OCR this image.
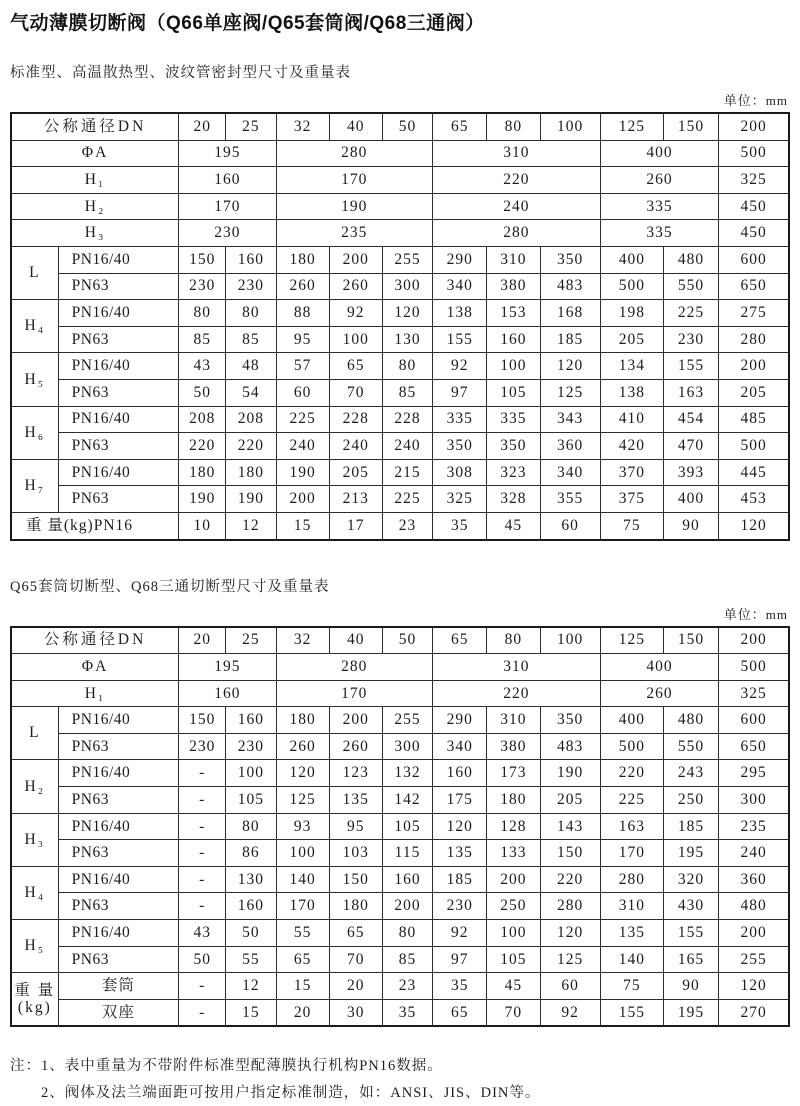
气动薄膜切断阀（Q66单座阀/Q65套筒阀/Q68三通阀）
标准型、高温散热型、波纹管密封型尺寸及重量表
单位：mm
公称通径DN		20	25	32	40	50	65	80	100	125	150	200
ΦA		195		280			310			400		500
H₁		160		170			220			260		325
H₂		170		190			240			335		450
H₃		230		235			280			335		450
L	PN16/40	150	160	180	200	255	290	310	350	400	480	600
	PN63	230	230	260	260	300	340	380	483	500	550	650
H₄	PN16/40	80	80	88	92	120	138	153	168	198	225	275
	PN63	85	85	95	100	130	155	160	185	205	230	280
H₅	PN16/40	43	48	57	65	80	92	100	120	134	155	200
	PN63	50	54	60	70	85	97	105	125	138	163	205
H₆	PN16/40	208	208	225	228	228	335	335	343	410	454	485
	PN63	220	220	240	240	240	350	350	360	420	470	500
H₇	PN16/40	180	180	190	205	215	308	323	340	370	393	445
	PN63	190	190	200	213	225	325	328	355	375	400	453
重 量(kg)PN16		10	12	15	17	23	35	45	60	75	90	120
Q65套筒切断型、Q68三通切断型尺寸及重量表
单位：mm
公称通径DN		20	25	32	40	50	65	80	100	125	150	200
ΦA		195		280			310			400		500
H₁		160		170			220			260		325
L	PN16/40	150	160	180	200	255	290	310	350	400	480	600
	PN63	230	230	260	260	300	340	380	483	500	550	650
H₂	PN16/40	-	100	120	123	132	160	173	190	220	243	295
	PN63	-	105	125	135	142	175	180	205	225	250	300
H₃	PN16/40	-	80	93	95	105	120	128	143	163	185	235
	PN63	-	86	100	103	115	135	133	150	170	195	240
H₄	PN16/40	-	130	140	150	160	185	200	220	280	320	360
	PN63	-	160	170	180	200	230	250	280	310	430	480
H₅	PN16/40	43	50	55	65	80	92	100	120	135	155	200
	PN63	50	55	65	70	85	97	105	125	140	165	255
重 量
(kg)	套筒	-	12	15	20	23	35	45	60	75	90	120
	双座	-	15	20	30	35	65	70	92	155	195	270
注：1、表中重量为不带附件标准型配薄膜执行机构PN16数据。
2、阀体及法兰端面距可按用户指定标准制造，如：ANSI、JIS、DIN等。
